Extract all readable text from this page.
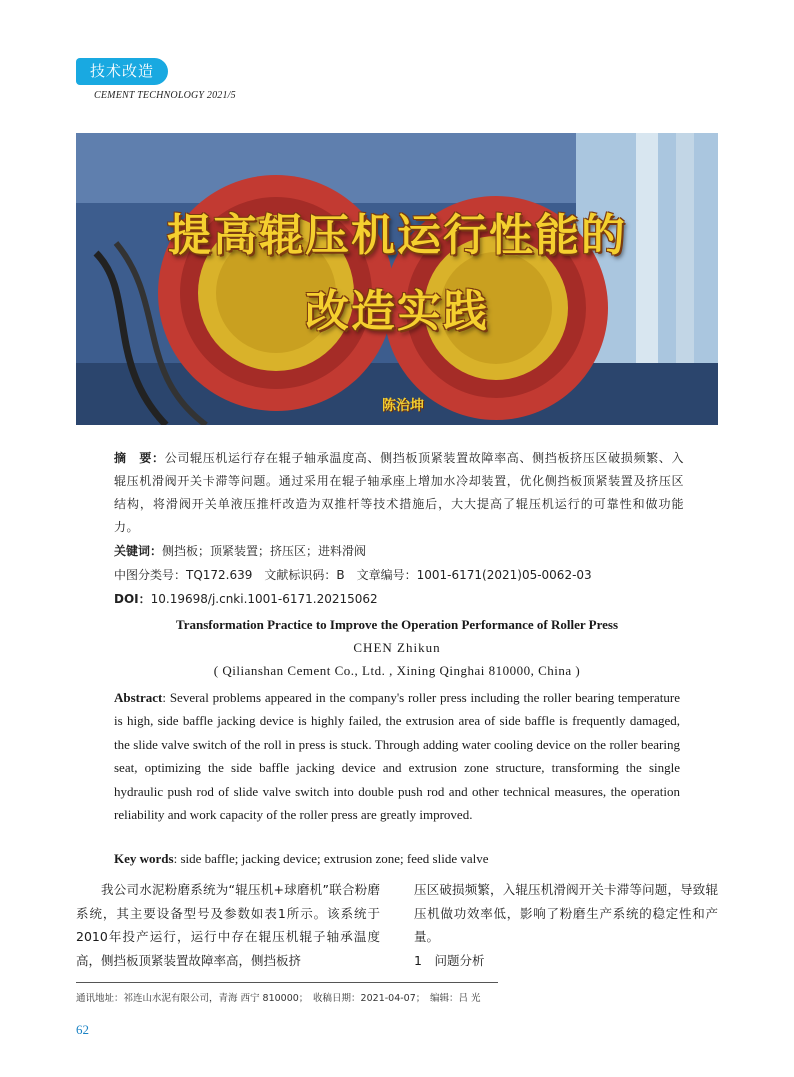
技术改造
CEMENT TECHNOLOGY 2021/5
提高辊压机运行性能的
改造实践
陈治坤
摘　要：公司辊压机运行存在辊子轴承温度高、侧挡板顶紧装置故障率高、侧挡板挤压区破损频繁、入辊压机滑阀开关卡滞等问题。通过采用在辊子轴承座上增加水冷却装置，优化侧挡板顶紧装置及挤压区结构，将滑阀开关单液压推杆改造为双推杆等技术措施后，大大提高了辊压机运行的可靠性和做功能力。
关键词：侧挡板；顶紧装置；挤压区；进料滑阀
中图分类号：TQ172.639　文献标识码：B　文章编号：1001-6171(2021)05-0062-03
DOI：10.19698/j.cnki.1001-6171.20215062
Transformation Practice to Improve the Operation Performance of Roller Press
CHEN Zhikun
( Qilianshan Cement Co., Ltd. , Xining Qinghai 810000, China )
Abstract: Several problems appeared in the company's roller press including the roller bearing temperature is high, side baffle jacking device is highly failed, the extrusion area of side baffle is frequently damaged, the slide valve switch of the roll in press is stuck. Through adding water cooling device on the roller bearing seat, optimizing the side baffle jacking device and extrusion zone structure, transforming the single hydraulic push rod of slide valve switch into double push rod and other technical measures, the operation reliability and work capacity of the roller press are greatly improved.
Key words: side baffle; jacking device; extrusion zone; feed slide valve
我公司水泥粉磨系统为“辊压机+球磨机”联合粉磨系统，其主要设备型号及参数如表1所示。该系统于2010年投产运行，运行中存在辊压机辊子轴承温度高，侧挡板顶紧装置故障率高，侧挡板挤
压区破损频繁，入辊压机滑阀开关卡滞等问题，导致辊压机做功效率低，影响了粉磨生产系统的稳定性和产量。
1　问题分析
通讯地址：祁连山水泥有限公司，青海 西宁 810000；　收稿日期：2021-04-07；　编辑：吕 光
62
